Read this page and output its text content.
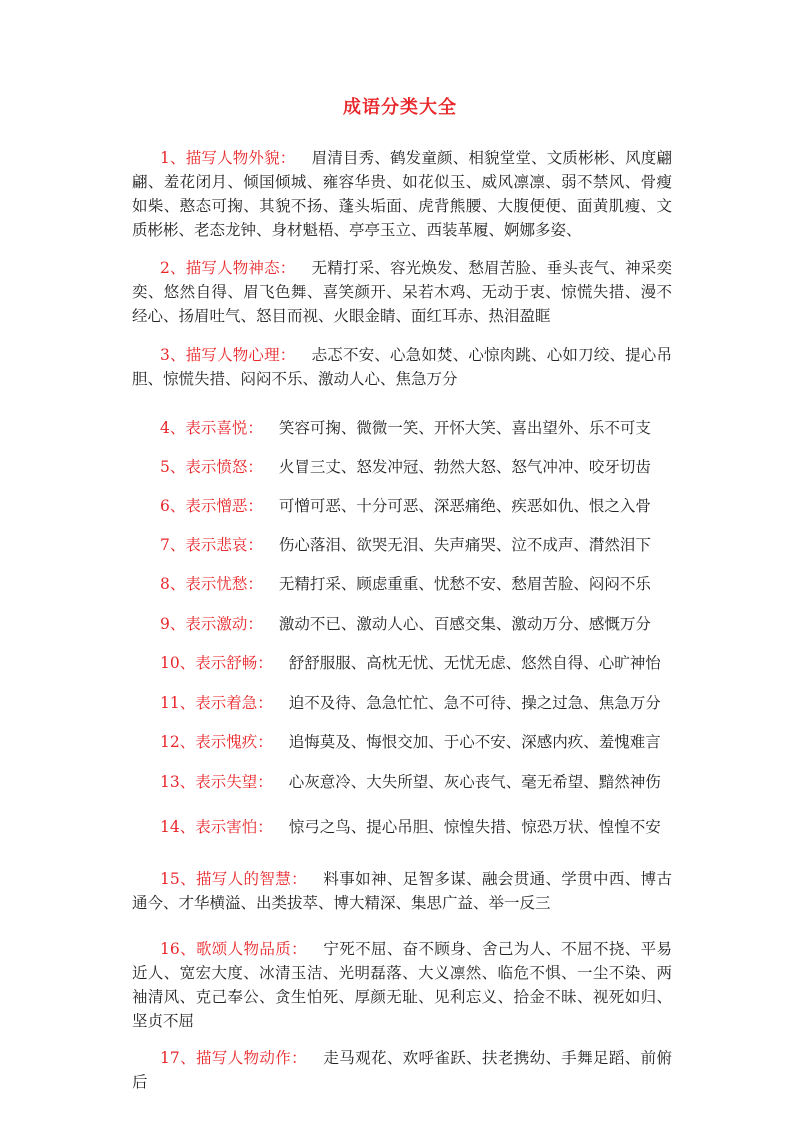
成语分类大全
1、描写人物外貌： 眉清目秀、鹤发童颜、相貌堂堂、文质彬彬、风度翩翩、羞花闭月、倾国倾城、雍容华贵、如花似玉、威风凛凛、弱不禁风、骨瘦如柴、憨态可掬、其貌不扬、蓬头垢面、虎背熊腰、大腹便便、面黄肌瘦、文质彬彬、老态龙钟、身材魁梧、亭亭玉立、西装革履、婀娜多姿、
2、描写人物神态： 无精打采、容光焕发、愁眉苦脸、垂头丧气、神采奕奕、悠然自得、眉飞色舞、喜笑颜开、呆若木鸡、无动于衷、惊慌失措、漫不经心、扬眉吐气、怒目而视、火眼金睛、面红耳赤、热泪盈眶
3、描写人物心理： 忐忑不安、心急如焚、心惊肉跳、心如刀绞、提心吊胆、惊慌失措、闷闷不乐、激动人心、焦急万分
4、表示喜悦： 笑容可掬、微微一笑、开怀大笑、喜出望外、乐不可支
5、表示愤怒： 火冒三丈、怒发冲冠、勃然大怒、怒气冲冲、咬牙切齿
6、表示憎恶： 可憎可恶、十分可恶、深恶痛绝、疾恶如仇、恨之入骨
7、表示悲哀： 伤心落泪、欲哭无泪、失声痛哭、泣不成声、潸然泪下
8、表示忧愁： 无精打采、顾虑重重、忧愁不安、愁眉苦脸、闷闷不乐
9、表示激动： 激动不已、激动人心、百感交集、激动万分、感慨万分
10、表示舒畅： 舒舒服服、高枕无忧、无忧无虑、悠然自得、心旷神怡
11、表示着急： 迫不及待、急急忙忙、急不可待、操之过急、焦急万分
12、表示愧疚： 追悔莫及、悔恨交加、于心不安、深感内疚、羞愧难言
13、表示失望： 心灰意冷、大失所望、灰心丧气、毫无希望、黯然神伤
14、表示害怕： 惊弓之鸟、提心吊胆、惊惶失措、惊恐万状、惶惶不安
15、描写人的智慧： 料事如神、足智多谋、融会贯通、学贯中西、博古通今、才华横溢、出类拔萃、博大精深、集思广益、举一反三
16、歌颂人物品质： 宁死不屈、奋不顾身、舍己为人、不屈不挠、平易近人、宽宏大度、冰清玉洁、光明磊落、大义凛然、临危不惧、一尘不染、两袖清风、克己奉公、贪生怕死、厚颜无耻、见利忘义、拾金不昧、视死如归、坚贞不屈
17、描写人物动作： 走马观花、欢呼雀跃、扶老携幼、手舞足蹈、前俯后
